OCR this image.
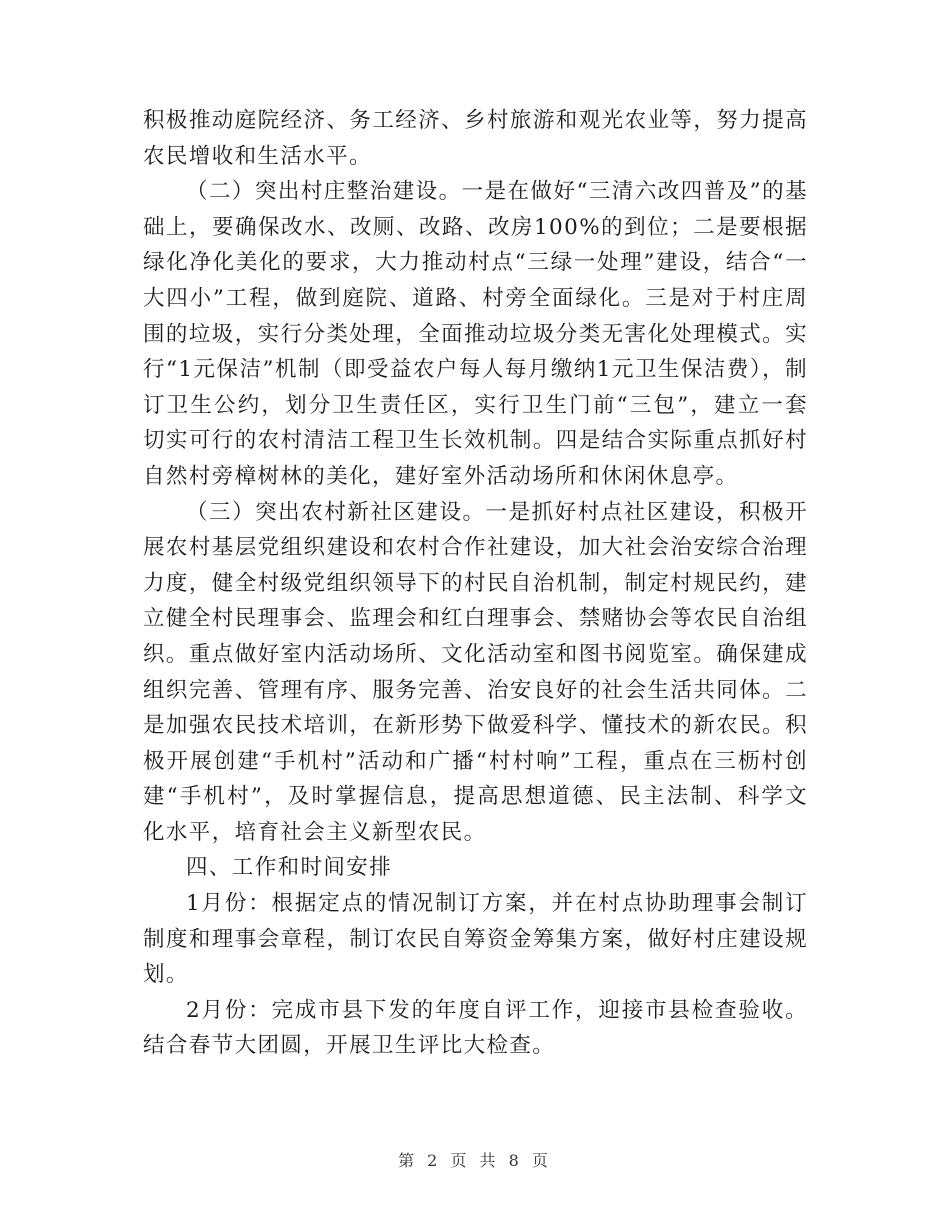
积极推动庭院经济、务工经济、乡村旅游和观光农业等，努力提高农民增收和生活水平。

（二）突出村庄整治建设。一是在做好“三清六改四普及”的基础上，要确保改水、改厕、改路、改房100%的到位；二是要根据绿化净化美化的要求，大力推动村点“三绿一处理”建设，结合“一大四小”工程，做到庭院、道路、村旁全面绿化。三是对于村庄周围的垃圾，实行分类处理，全面推动垃圾分类无害化处理模式。实行“1元保洁”机制（即受益农户每人每月缴纳1元卫生保洁费），制订卫生公约，划分卫生责任区，实行卫生门前“三包”，建立一套切实可行的农村清洁工程卫生长效机制。四是结合实际重点抓好村自然村旁樟树林的美化，建好室外活动场所和休闲休息亭。

（三）突出农村新社区建设。一是抓好村点社区建设，积极开展农村基层党组织建设和农村合作社建设，加大社会治安综合治理力度，健全村级党组织领导下的村民自治机制，制定村规民约，建立健全村民理事会、监理会和红白理事会、禁赌协会等农民自治组织。重点做好室内活动场所、文化活动室和图书阅览室。确保建成组织完善、管理有序、服务完善、治安良好的社会生活共同体。二是加强农民技术培训，在新形势下做爱科学、懂技术的新农民。积极开展创建“手机村”活动和广播“村村响”工程，重点在三枥村创建“手机村”，及时掌握信息，提高思想道德、民主法制、科学文化水平，培育社会主义新型农民。

四、工作和时间安排

1月份：根据定点的情况制订方案，并在村点协助理事会制订制度和理事会章程，制订农民自筹资金筹集方案，做好村庄建设规划。

2月份：完成市县下发的年度自评工作，迎接市县检查验收。结合春节大团圆，开展卫生评比大检查。

第 2 页 共 8 页
